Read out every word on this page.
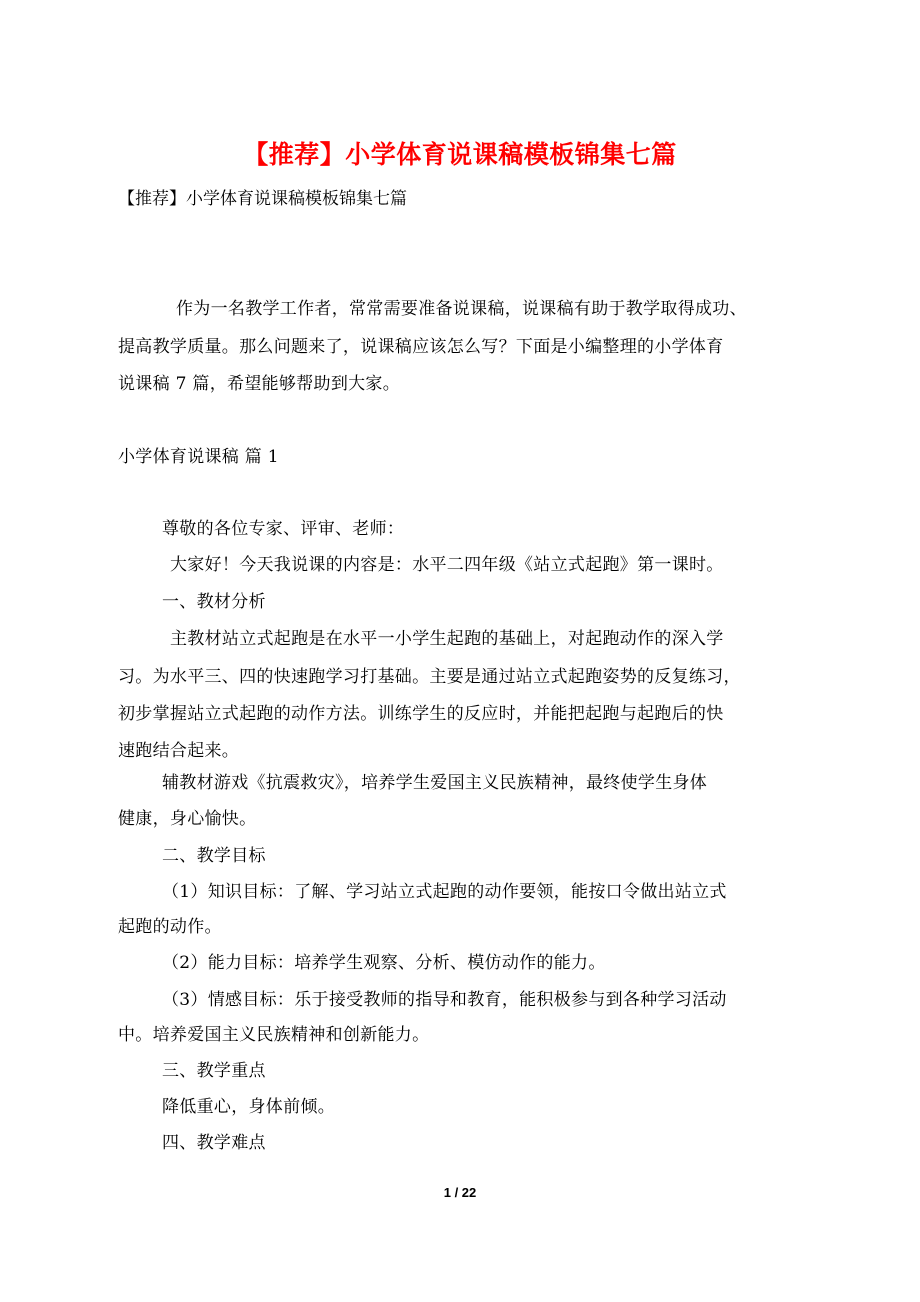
【推荐】小学体育说课稿模板锦集七篇
【推荐】小学体育说课稿模板锦集七篇
作为一名教学工作者，常常需要准备说课稿，说课稿有助于教学取得成功、
提高教学质量。那么问题来了，说课稿应该怎么写？下面是小编整理的小学体育
说课稿 7 篇，希望能够帮助到大家。
小学体育说课稿 篇 1
尊敬的各位专家、评审、老师：
大家好！今天我说课的内容是：水平二四年级《站立式起跑》第一课时。
一、教材分析
主教材站立式起跑是在水平一小学生起跑的基础上，对起跑动作的深入学
习。为水平三、四的快速跑学习打基础。主要是通过站立式起跑姿势的反复练习，
初步掌握站立式起跑的动作方法。训练学生的反应时，并能把起跑与起跑后的快
速跑结合起来。
辅教材游戏《抗震救灾》，培养学生爱国主义民族精神，最终使学生身体
健康，身心愉快。
二、教学目标
（1）知识目标：了解、学习站立式起跑的动作要领，能按口令做出站立式
起跑的动作。
（2）能力目标：培养学生观察、分析、模仿动作的能力。
（3）情感目标：乐于接受教师的指导和教育，能积极参与到各种学习活动
中。培养爱国主义民族精神和创新能力。
三、教学重点
降低重心，身体前倾。
四、教学难点
1 / 22
